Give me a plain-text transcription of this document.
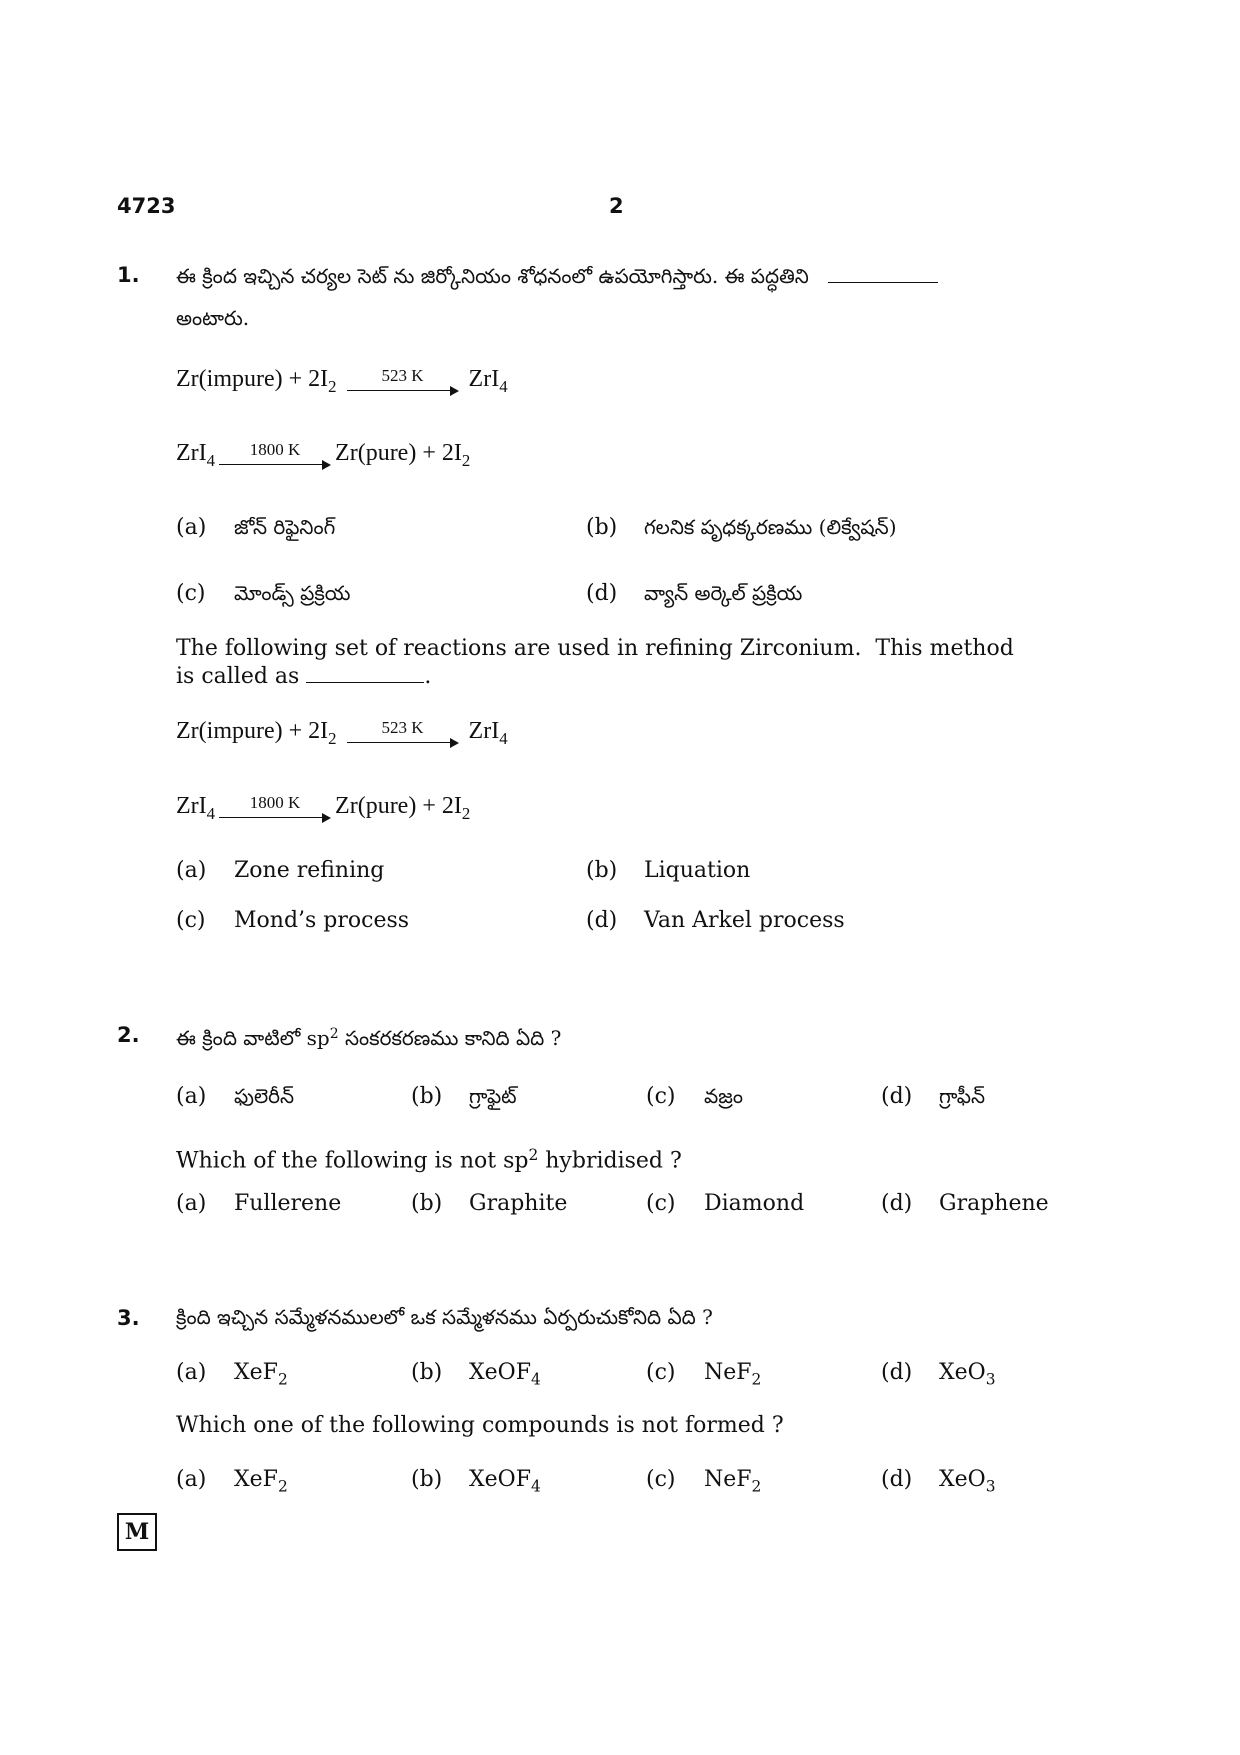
4723	2
1. ఈ క్రింద ఇచ్చిన చర్యల సెట్ ను జిర్కోనియం శోధనంలో ఉపయోగిస్తారు. ఈ పద్ధతిని
అంటారు.
Zr(impure) + $2I_2$
523 K ZrI$_4$
ZrI$_4$
1800 K Zr(pure) + $2I_2$
(a) జోన్ రిఫైనింగ్	(b) గలనిక పృధక్కరణము (లిక్వేషన్)
(c) మోండ్స్ ప్రక్రియ	(d) వ్యాన్ అర్కెల్ ప్రక్రియ
The following set of reactions are used in refining Zirconium.  This method
is called as	.
Zr(impure) + $2I_2$
523 K ZrI$_4$
ZrI$_4$
1800 K Zr(pure) + $2I_2$
(a) Zone refining	(b) Liquation
(c) Mond’s process	(d) Van Arkel process
2. ఈ క్రింది వాటిలో $sp^2$ సంకరకరణము కానిది ఏది ?
(a) ఫులెరీన్	(b) గ్రాఫైట్	(c) వజ్రం	(d) గ్రాఫీన్
Which of the following is not $sp^2$ hybridised ?
(a) Fullerene	(b) Graphite	(c) Diamond	(d) Graphene
3. క్రింది ఇచ్చిన సమ్మేళనములలో ఒక సమ్మేళనము ఏర్పరుచుకోనిది ఏది ?
(a) XeF$_2$	(b) XeOF$_4$	(c) NeF$_2$	(d) XeO$_3$
Which one of the following compounds is not formed ?
(a) XeF$_2$	(b) XeOF$_4$	(c) NeF$_2$	(d) XeO$_3$
M
